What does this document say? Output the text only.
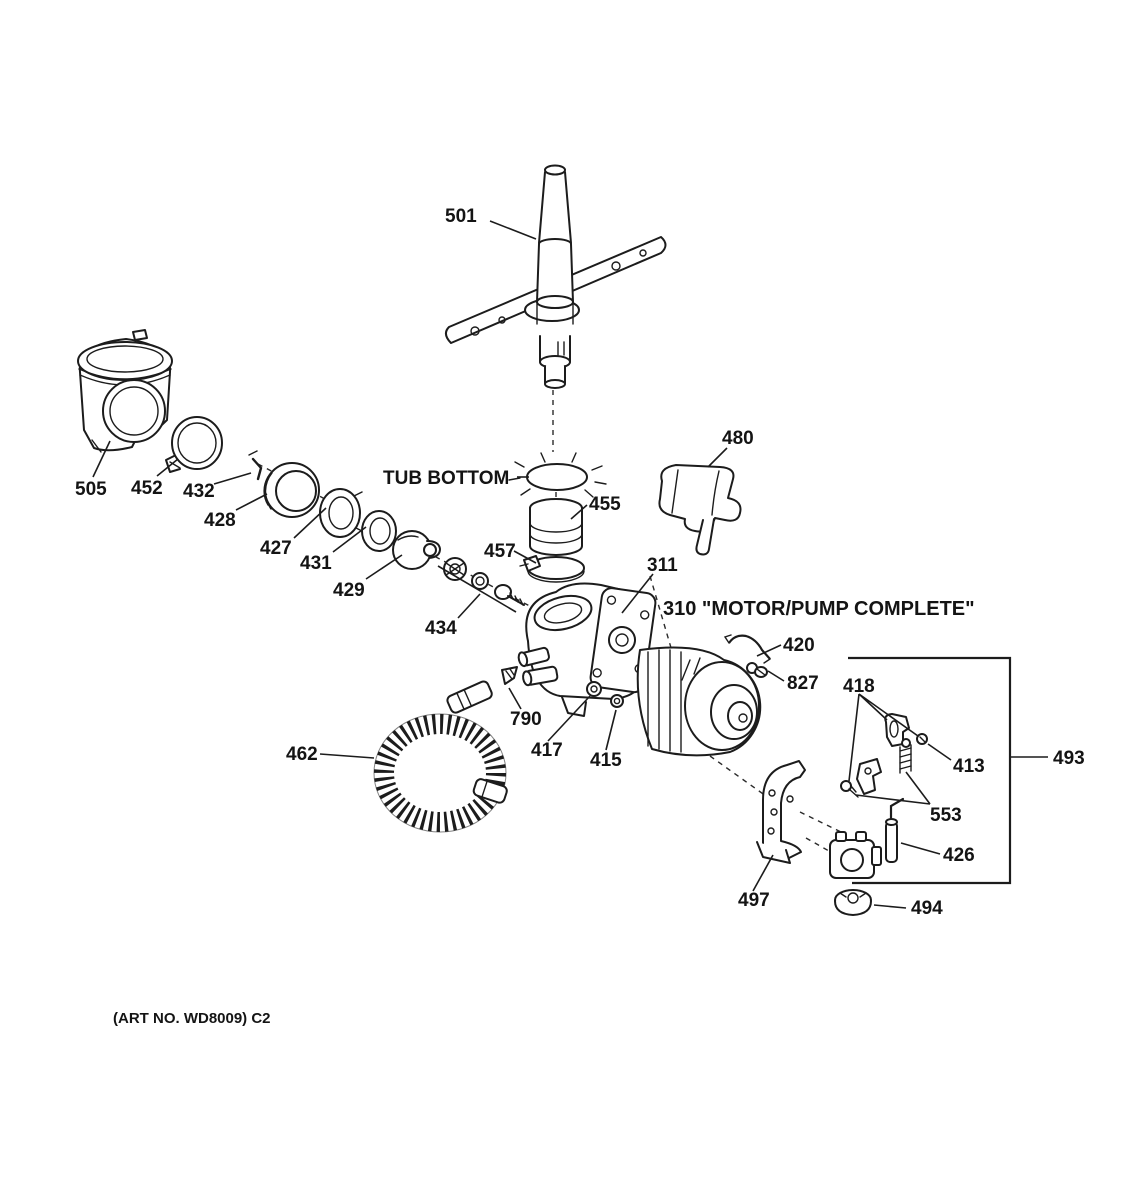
501
505 452 432
428
427
431
429
434
TUB BOTTOM
455
457
480
311
310 "MOTOR/PUMP COMPLETE"
420
827 418
413
553
426
493
790
417 415
462
497	494
(ART NO. WD8009) C2
